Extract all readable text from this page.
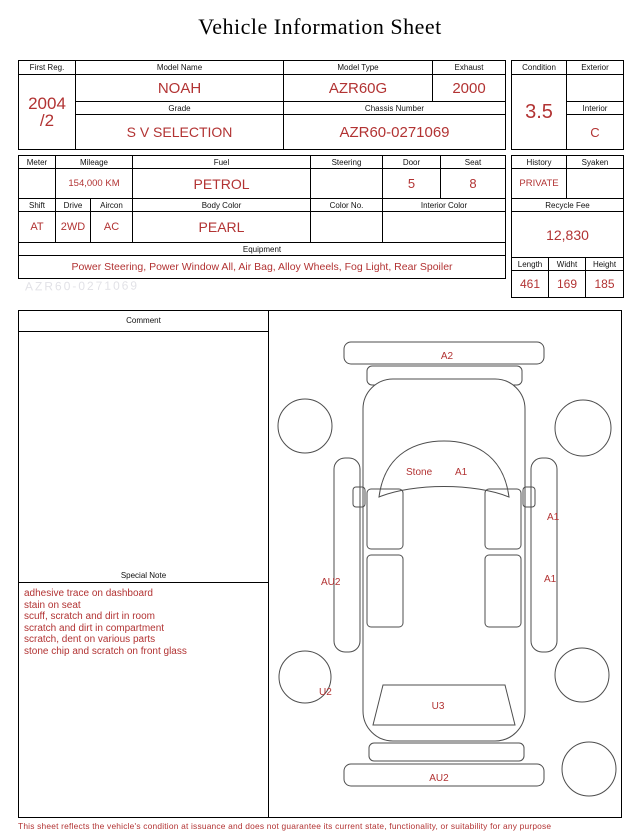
Vehicle Information Sheet
First Reg.	Model Name	Model Type	Exhaust

2004
/2	NOAH	AZR60G	2000
	Grade	Chassis Number	
	S V SELECTION	AZR60-0271069	
Condition	Exterior
3.5	
	Interior
	C
Meter	Mileage		Fuel	Steering	Door	Seat
	154,000 KM		PETROL		5	8
Shift	Drive	Aircon	Body Color	Color No.	Interior Color	
AT	2WD	AC	PEARL			
Equipment						
Power Steering, Power Window All, Air Bag, Alloy Wheels, Fog Light, Rear Spoiler						
History	Syaken
PRIVATE	
Recycle Fee
12,830
Length	Widht	Height
461	169	185
AZR60-0271069
Comment
Special Note
adhesive trace on dashboard
stain on seat
scuff, scratch and dirt in room
scratch and dirt in compartment
scratch, dent on various parts
stone chip and scratch on front glass
A2
Stone A1
A1
A1
AU2
U2
U3
AU2
This sheet reflects the vehicle's condition at issuance and does not guarantee its current state, functionality, or suitability for any purpose
